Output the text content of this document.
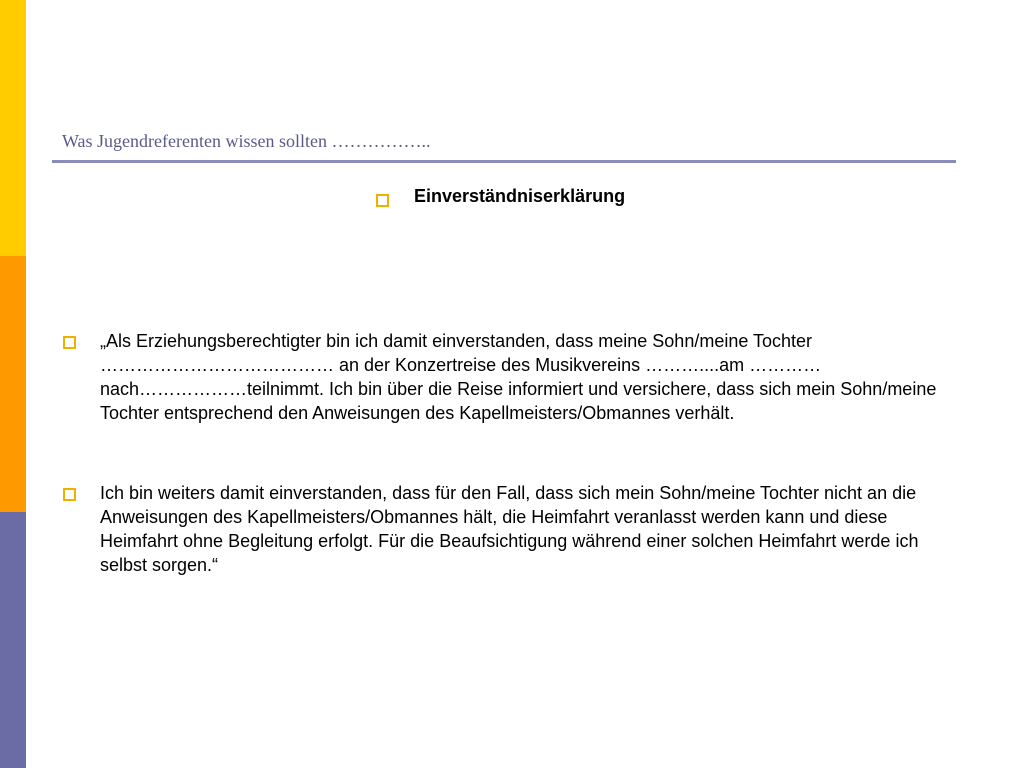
Was Jugendreferenten wissen sollten ……………..
Einverständniserklärung
„Als Erziehungsberechtigter bin ich damit einverstanden, dass meine Sohn/meine Tochter ………………………………… an der Konzertreise des Musikvereins ………....am …………nach………………teilnimmt. Ich bin über die Reise informiert und versichere, dass sich mein Sohn/meine Tochter entsprechend den Anweisungen des Kapellmeisters/Obmannes verhält.
Ich bin weiters damit einverstanden, dass für den Fall, dass sich mein Sohn/meine Tochter nicht an die Anweisungen des Kapellmeisters/Obmannes hält, die Heimfahrt veranlasst werden kann und diese Heimfahrt ohne Begleitung erfolgt. Für die Beaufsichtigung während einer solchen Heimfahrt werde ich selbst sorgen.“
